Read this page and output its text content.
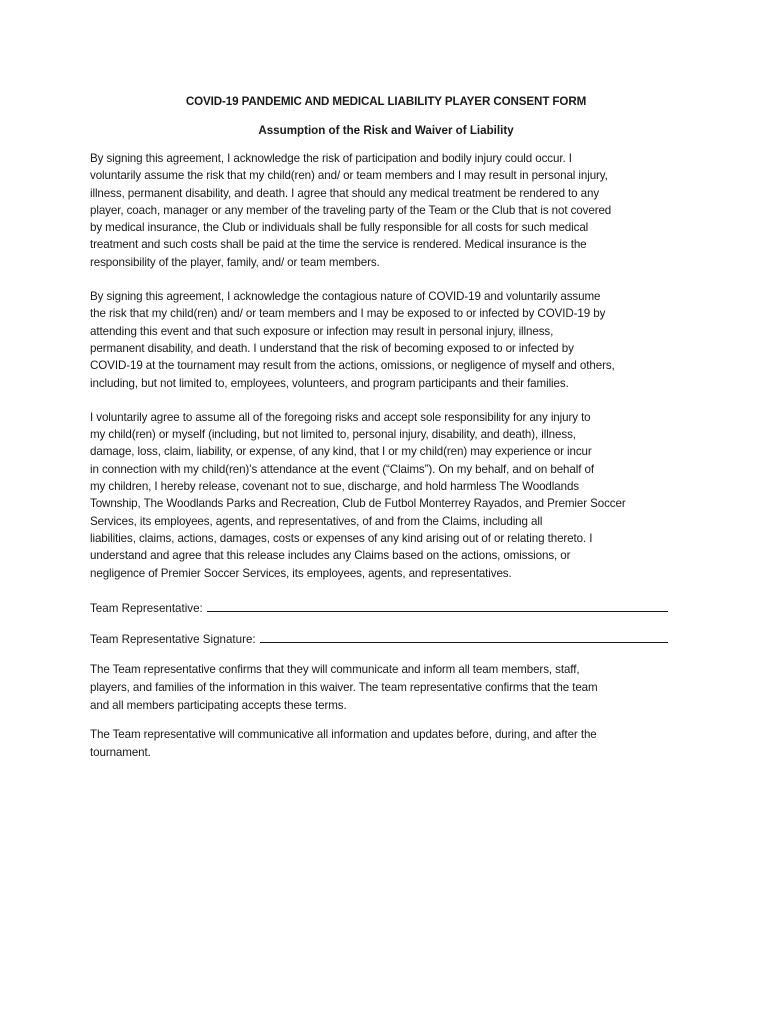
COVID-19 PANDEMIC AND MEDICAL LIABILITY PLAYER CONSENT FORM
Assumption of the Risk and Waiver of Liability
By signing this agreement, I acknowledge the risk of participation and bodily injury could occur. I
voluntarily assume the risk that my child(ren) and/ or team members and I may result in personal injury,
illness, permanent disability, and death. I agree that should any medical treatment be rendered to any
player, coach, manager or any member of the traveling party of the Team or the Club that is not covered
by medical insurance, the Club or individuals shall be fully responsible for all costs for such medical
treatment and such costs shall be paid at the time the service is rendered. Medical insurance is the
responsibility of the player, family, and/ or team members.
By signing this agreement, I acknowledge the contagious nature of COVID-19 and voluntarily assume
the risk that my child(ren) and/ or team members and I may be exposed to or infected by COVID-19 by
attending this event and that such exposure or infection may result in personal injury, illness,
permanent disability, and death. I understand that the risk of becoming exposed to or infected by
COVID-19 at the tournament may result from the actions, omissions, or negligence of myself and others,
including, but not limited to, employees, volunteers, and program participants and their families.
I voluntarily agree to assume all of the foregoing risks and accept sole responsibility for any injury to
my child(ren) or myself (including, but not limited to, personal injury, disability, and death), illness,
damage, loss, claim, liability, or expense, of any kind, that I or my child(ren) may experience or incur
in connection with my child(ren)’s attendance at the event (“Claims”). On my behalf, and on behalf of
my children, I hereby release, covenant not to sue, discharge, and hold harmless The Woodlands
Township, The Woodlands Parks and Recreation, Club de Futbol Monterrey Rayados, and Premier Soccer
Services, its employees, agents, and representatives, of and from the Claims, including all
liabilities, claims, actions, damages, costs or expenses of any kind arising out of or relating thereto. I
understand and agree that this release includes any Claims based on the actions, omissions, or
negligence of Premier Soccer Services, its employees, agents, and representatives.
Team Representative:
Team Representative Signature:
The Team representative confirms that they will communicate and inform all team members, staff,
players, and families of the information in this waiver. The team representative confirms that the team
and all members participating accepts these terms.
The Team representative will communicative all information and updates before, during, and after the
tournament.
